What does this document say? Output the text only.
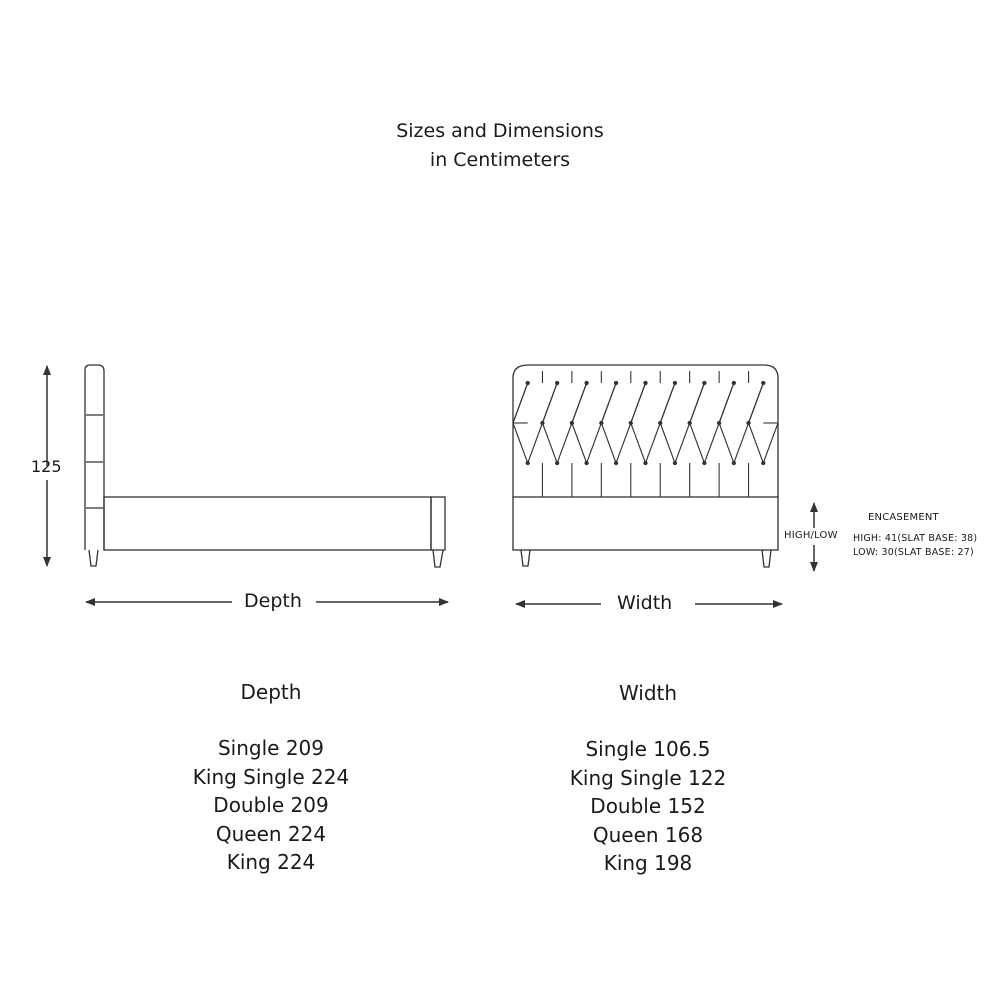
Sizes and Dimensions
in Centimeters
125
Depth	Width
HIGH/LOW
ENCASEMENT
HIGH: 41(SLAT BASE: 38)
LOW: 30(SLAT BASE: 27)
Depth
Single 209
King Single 224
Double 209
Queen 224
King 224
Width
Single 106.5
King Single 122
Double 152
Queen 168
King 198
